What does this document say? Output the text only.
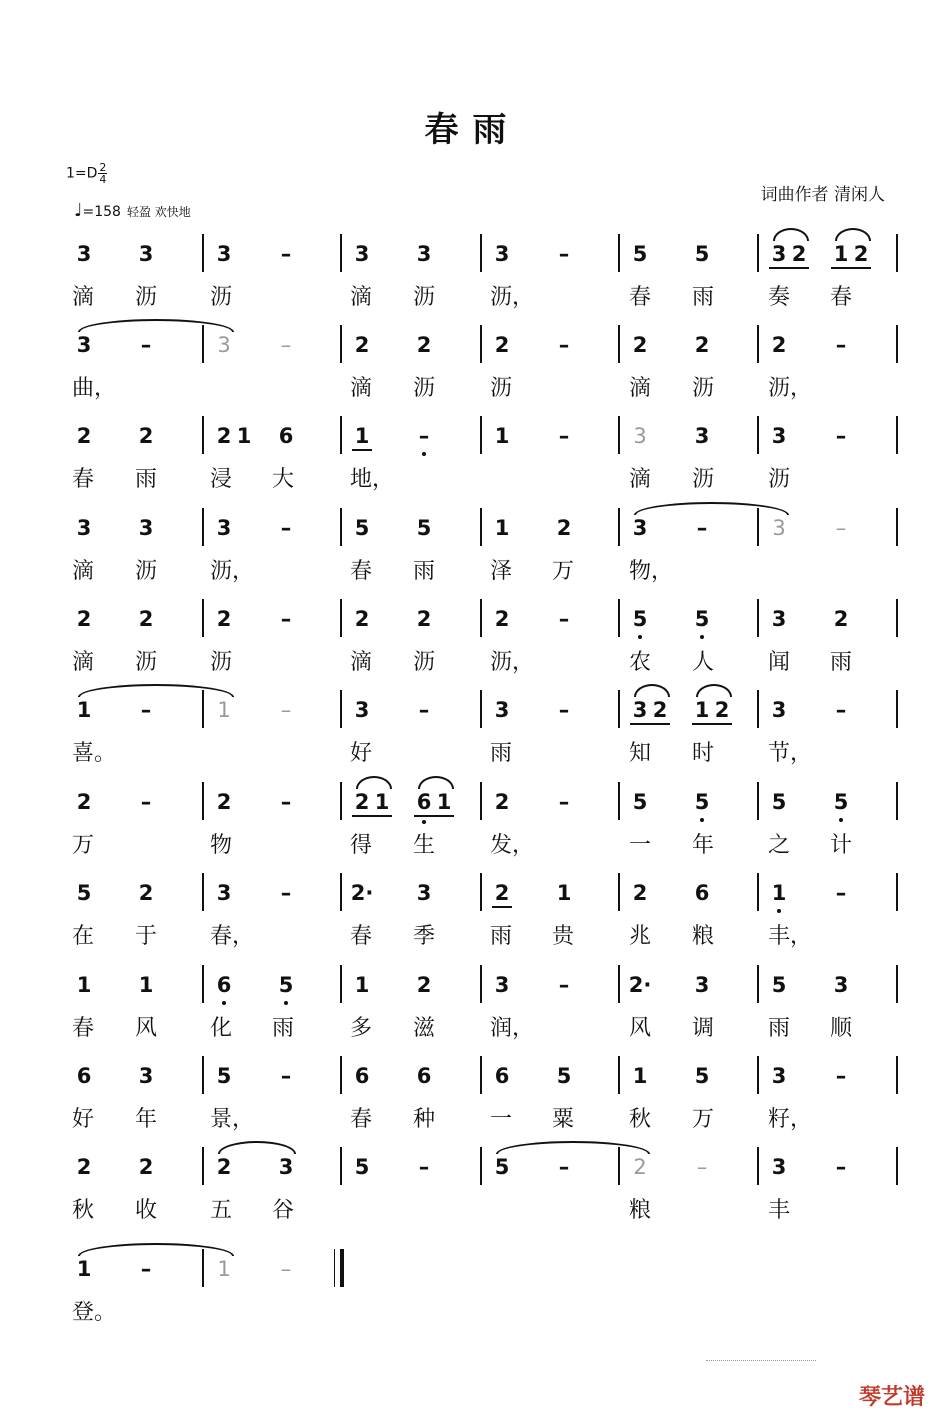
春雨
$1=D \frac{2}{4}$
♩=158 轻盈 欢快地
词曲作者 清闲人
3	3	3	–	3	3	3	–	5	5	3 2	1 2
滴	沥	沥	滴	沥	沥，	春	雨	奏	春
3	–	3	–	2	2	2	–	2	2	2	–
曲，	滴	沥	沥	滴	沥	沥，
2	2	2 1	6	1	–	1	–	3	3	3	–
春	雨	浸	大	地，	滴	沥	沥
3	3	3	–	5	5	1	2	3	–	3	–
滴	沥	沥，	春	雨	泽	万	物，
2	2	2	–	2	2	2	–	5	5	3	2
滴	沥	沥	滴	沥	沥，	农	人	闻	雨
1	–	1	–	3	–	3	–	3 2	1 2	3	–
喜。	好	雨	知	时	节，
2	–	2	–	2 1	6 1	2	–	5	5	5	5
万	物	得	生	发，	一	年	之	计
5	2	3	–	2·	3	2	1	2	6	1	–
在	于	春，	春	季	雨	贵	兆	粮	丰，
1	1	6	5	1	2	3	–	2·	3	5	3
春	风	化	雨	多	滋	润，	风	调	雨	顺
6	3	5	–	6	6	6	5	1	5	3	–
好	年	景，	春	种	一	粟	秋	万	籽，
2	2	2	3	5	–	5	–	2	–	3	–
秋	收	五	谷	粮	丰
1	–	1	–
登。
琴艺谱
